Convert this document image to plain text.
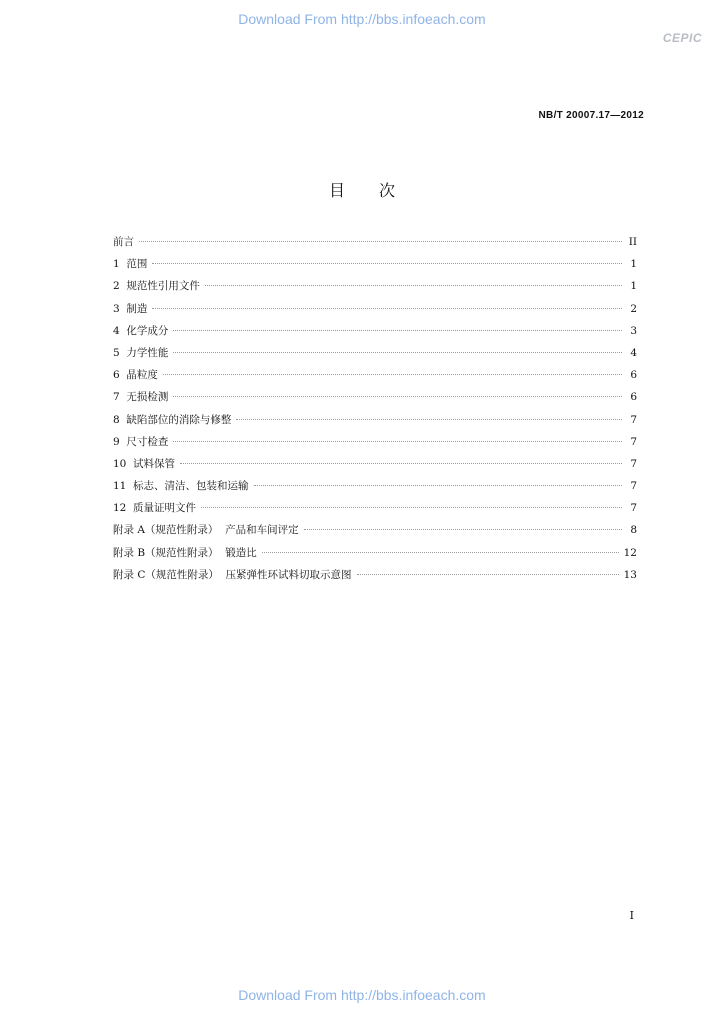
Download From http://bbs.infoeach.com
CEPIC
NB/T 20007.17—2012
目次
前言	II
1  范围	1
2  规范性引用文件	1
3  制造	2
4  化学成分	3
5  力学性能	4
6  晶粒度	6
7  无损检测	6
8  缺陷部位的消除与修整	7
9  尺寸检查	7
10  试料保管	7
11  标志、清洁、包装和运输	7
12  质量证明文件	7
附录 A（规范性附录）  产品和车间评定	8
附录 B（规范性附录）  锻造比	12
附录 C（规范性附录）  压紧弹性环试料切取示意图	13
I
Download From http://bbs.infoeach.com
